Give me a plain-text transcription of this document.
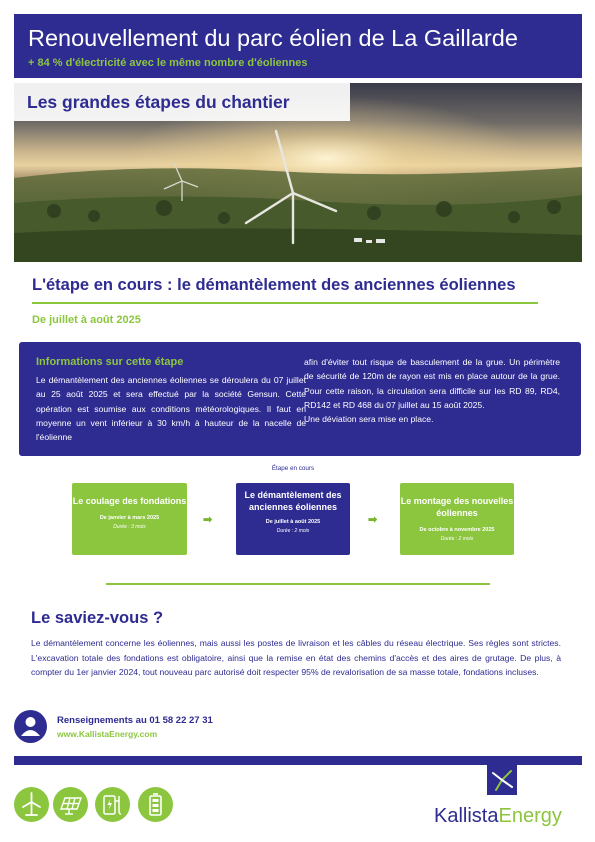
Renouvellement du parc éolien de La Gaillarde
+ 84 % d'électricité avec le même nombre d'éoliennes
Les grandes étapes du chantier
L'étape en cours : le démantèlement des anciennes éoliennes
De juillet à août 2025
Informations sur cette étape
Le démantèlement des anciennes éoliennes se déroulera du 07 juillet au 25 août 2025 et sera effectué par la société Gensun. Cette opération est soumise aux conditions météorologiques. Il faut en moyenne un vent inférieur à 30 km/h à hauteur de la nacelle de l'éolienne
afin d'éviter tout risque de basculement de la grue. Un périmètre de sécurité de 120m de rayon est mis en place autour de la grue. Pour cette raison, la circulation sera difficile sur les RD 89, RD4, RD142 et RD 468 du 07 juillet au 15 août 2025.
Une déviation sera mise en place.
Étape en cours
Le coulage des fondations
De janvier à mars 2025
Durée : 3 mois
➡
Le démantèlement des anciennes éoliennes
De juillet à août 2025
Durée : 2 mois
➡
Le montage des nouvelles éoliennes
De octobre à novembre 2025
Durée : 2 mois
Le saviez-vous ?
Le démantèlement concerne les éoliennes, mais aussi les postes de livraison et les câbles du réseau électrique. Ses règles sont strictes. L'excavation totale des fondations est obligatoire, ainsi que la remise en état des chemins d'accès et des aires de grutage. De plus, à compter du 1er janvier 2024, tout nouveau parc autorisé doit respecter 95% de revalorisation de sa masse totale, fondations incluses.
Renseignements au 01 58 22 27 31
www.KallistaEnergy.com
KallistaEnergy
